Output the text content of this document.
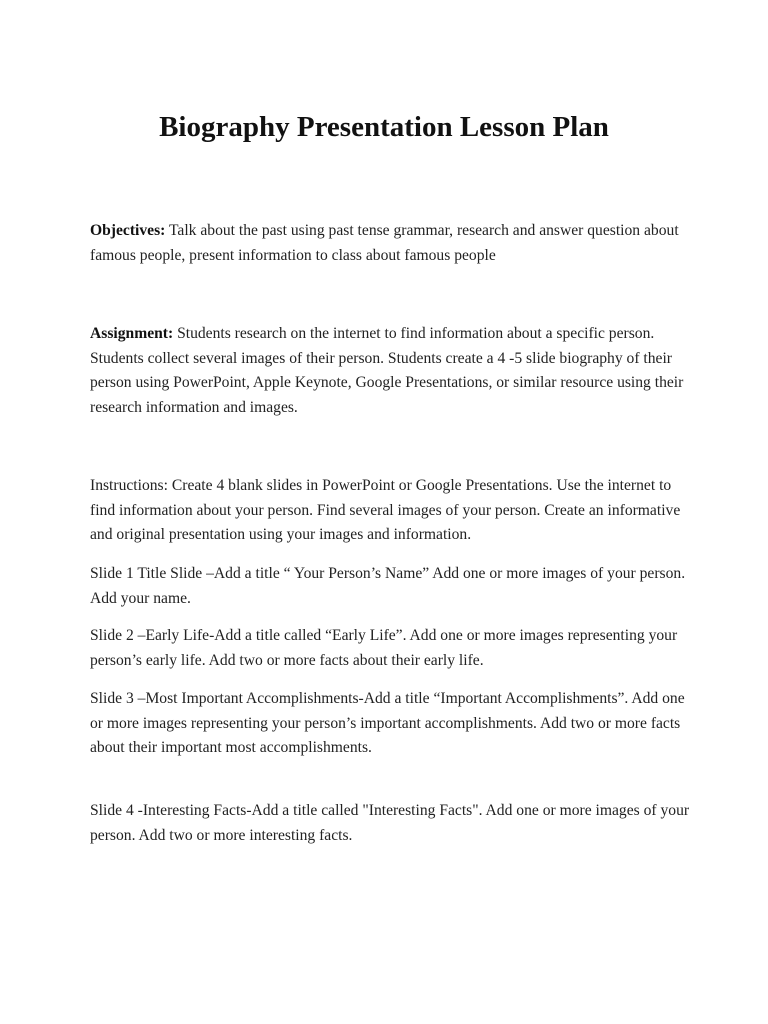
Biography Presentation Lesson Plan

Objectives: Talk about the past using past tense grammar, research and answer question about famous people, present information to class about famous people

Assignment: Students research on the internet to find information about a specific person. Students collect several images of their person. Students create a 4 -5 slide biography of their person using PowerPoint, Apple Keynote, Google Presentations, or similar resource using their research information and images.

Instructions: Create 4 blank slides in PowerPoint or Google Presentations. Use the internet to find information about your person. Find several images of your person. Create an informative and original presentation using your images and information.

Slide 1 Title Slide –Add a title “ Your Person’s Name” Add one or more images of your person. Add your name.

Slide 2 –Early Life-Add a title called “Early Life”. Add one or more images representing your person’s early life. Add two or more facts about their early life.

Slide 3 –Most Important Accomplishments-Add a title “Important Accomplishments”. Add one or more images representing your person’s important accomplishments. Add two or more facts about their important most accomplishments.

Slide 4 -Interesting Facts-Add a title called "Interesting Facts". Add one or more images of your person. Add two or more interesting facts.
